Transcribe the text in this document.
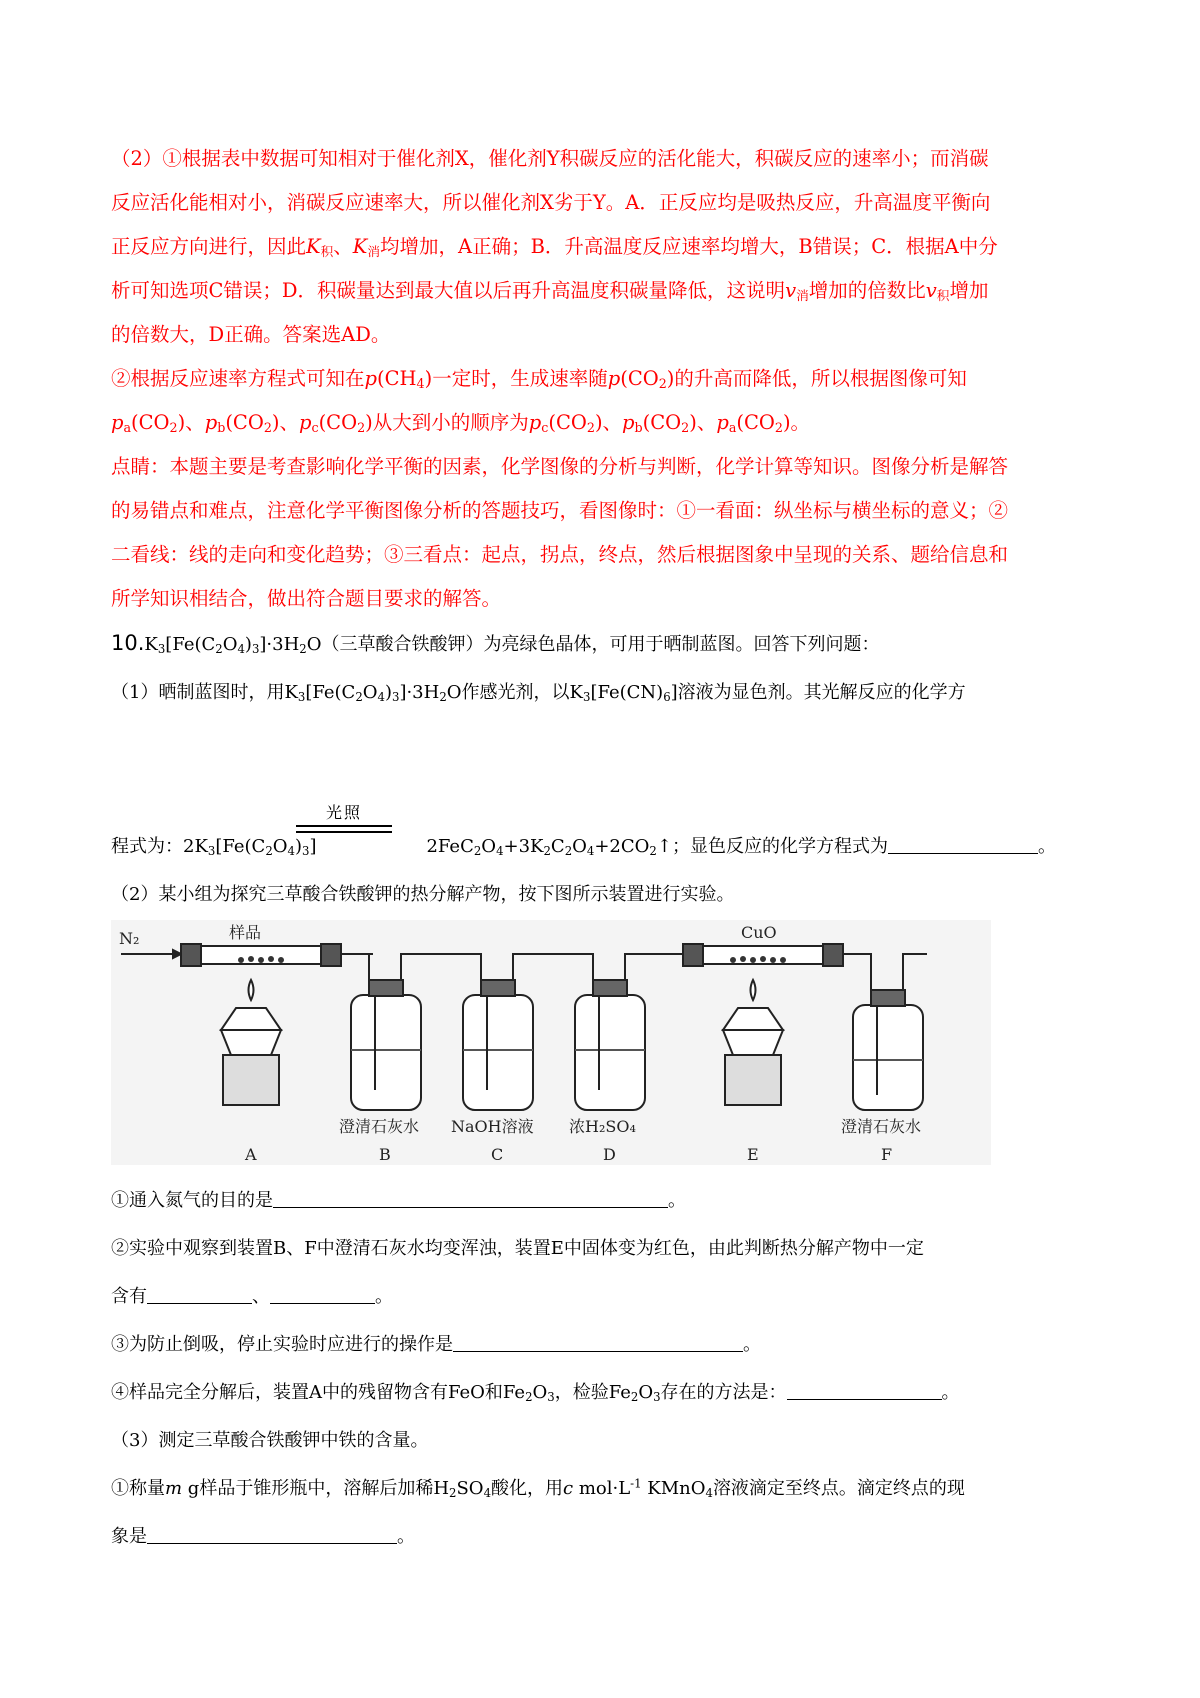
（2）①根据表中数据可知相对于催化剂X，催化剂Y积碳反应的活化能大，积碳反应的速率小；而消碳
反应活化能相对小，消碳反应速率大，所以催化剂X劣于Y。A．正反应均是吸热反应，升高温度平衡向
正反应方向进行，因此$K_积$、$K_消$均增加，A正确；B．升高温度反应速率均增大，B错误；C．根据A中分
析可知选项C错误；D．积碳量达到最大值以后再升高温度积碳量降低，这说明$v_消$增加的倍数比$v_积$增加
的倍数大，D正确。答案选AD。
②根据反应速率方程式可知在$p(CH_4)$一定时，生成速率随$p(CO_2)$的升高而降低，所以根据图像可知
$p_a(CO_2)$、$p_b(CO_2)$、$p_c(CO_2)$从大到小的顺序为$p_c(CO_2)$、$p_b(CO_2)$、$p_a(CO_2)$。
点睛：本题主要是考查影响化学平衡的因素，化学图像的分析与判断，化学计算等知识。图像分析是解答
的易错点和难点，注意化学平衡图像分析的答题技巧，看图像时：①一看面：纵坐标与横坐标的意义；②
二看线：线的走向和变化趋势；③三看点：起点，拐点，终点，然后根据图象中呈现的关系、题给信息和
所学知识相结合，做出符合题目要求的解答。
$10.K_3[Fe(C_2O_4)_3]\cdot 3H_2O$（三草酸合铁酸钾）为亮绿色晶体，可用于晒制蓝图。回答下列问题：
（1）晒制蓝图时，用$K_3[Fe(C_2O_4)_3]\cdot 3H_2O$作感光剂，以$K_3[Fe(CN)_6]$溶液为显色剂。其光解反应的化学方
光照
程式为：$2K_3[Fe(C_2O_4)_3]$	$2FeC_2O_4+3K_2C_2O_4+2CO_2↑$；显色反应的化学方程式为	。
（2）某小组为探究三草酸合铁酸钾的热分解产物，按下图所示装置进行实验。
N₂	样品	CuO
澄清石灰水 NaOH溶液 浓H₂SO₄	澄清石灰水
A	B	C	D	E	F
①通入氮气的目的是	。
②实验中观察到装置B、F中澄清石灰水均变浑浊，装置E中固体变为红色，由此判断热分解产物中一定
含有	、	。
③为防止倒吸，停止实验时应进行的操作是	。
④样品完全分解后，装置A中的残留物含有FeO和$Fe_2O_3$，检验$Fe_2O_3$存在的方法是：	。
（3）测定三草酸合铁酸钾中铁的含量。
①称量m g样品于锥形瓶中，溶解后加稀$H_2SO_4$酸化，用c $mol\cdot L^{-1}$ KMnO$_4$溶液滴定至终点。滴定终点的现
象是	。
